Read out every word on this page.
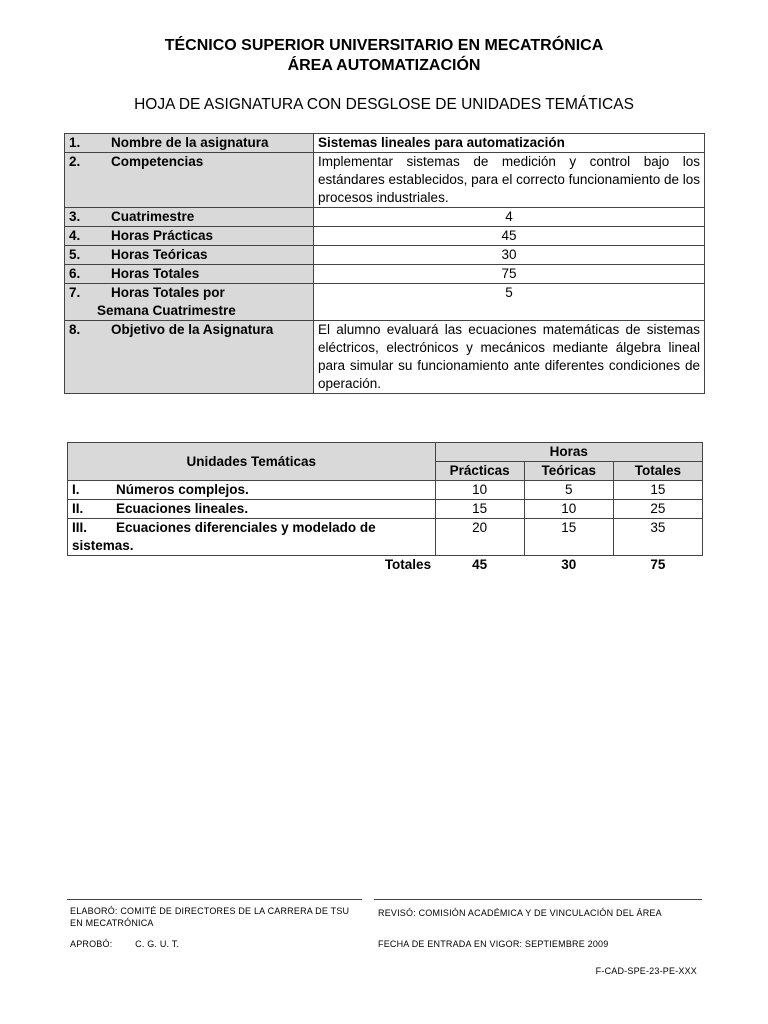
TÉCNICO SUPERIOR UNIVERSITARIO EN MECATRÓNICA
ÁREA AUTOMATIZACIÓN
HOJA DE ASIGNATURA CON DESGLOSE DE UNIDADES TEMÁTICAS
1. Nombre de la asignatura	Sistemas lineales para automatización
2. Competencias	Implementar sistemas de medición y control bajo los estándares establecidos, para el correcto funcionamiento de los procesos industriales.
3. Cuatrimestre	4
4. Horas Prácticas	45
5. Horas Teóricas	30
6. Horas Totales	75
7. Horas Totales por
Semana Cuatrimestre	5
8. Objetivo de la Asignatura	El alumno evaluará las ecuaciones matemáticas de sistemas eléctricos, electrónicos y mecánicos mediante álgebra lineal para simular su funcionamiento ante diferentes condiciones de operación.
Unidades Temáticas	Horas		
	Prácticas	Teóricas	Totales
I. Números complejos.	10	5	15
II. Ecuaciones lineales.	15	10	25
III. Ecuaciones diferenciales y modelado de sistemas.	20	15	35
Totales	45	30	75
ELABORÓ: COMITÉ DE DIRECTORES DE LA CARRERA DE TSU EN MECATRÓNICA
REVISÓ: COMISIÓN ACADÉMICA Y DE VINCULACIÓN DEL ÁREA
APROBÓ:	C. G. U. T.	FECHA DE ENTRADA EN VIGOR: SEPTIEMBRE 2009
F-CAD-SPE-23-PE-XXX
